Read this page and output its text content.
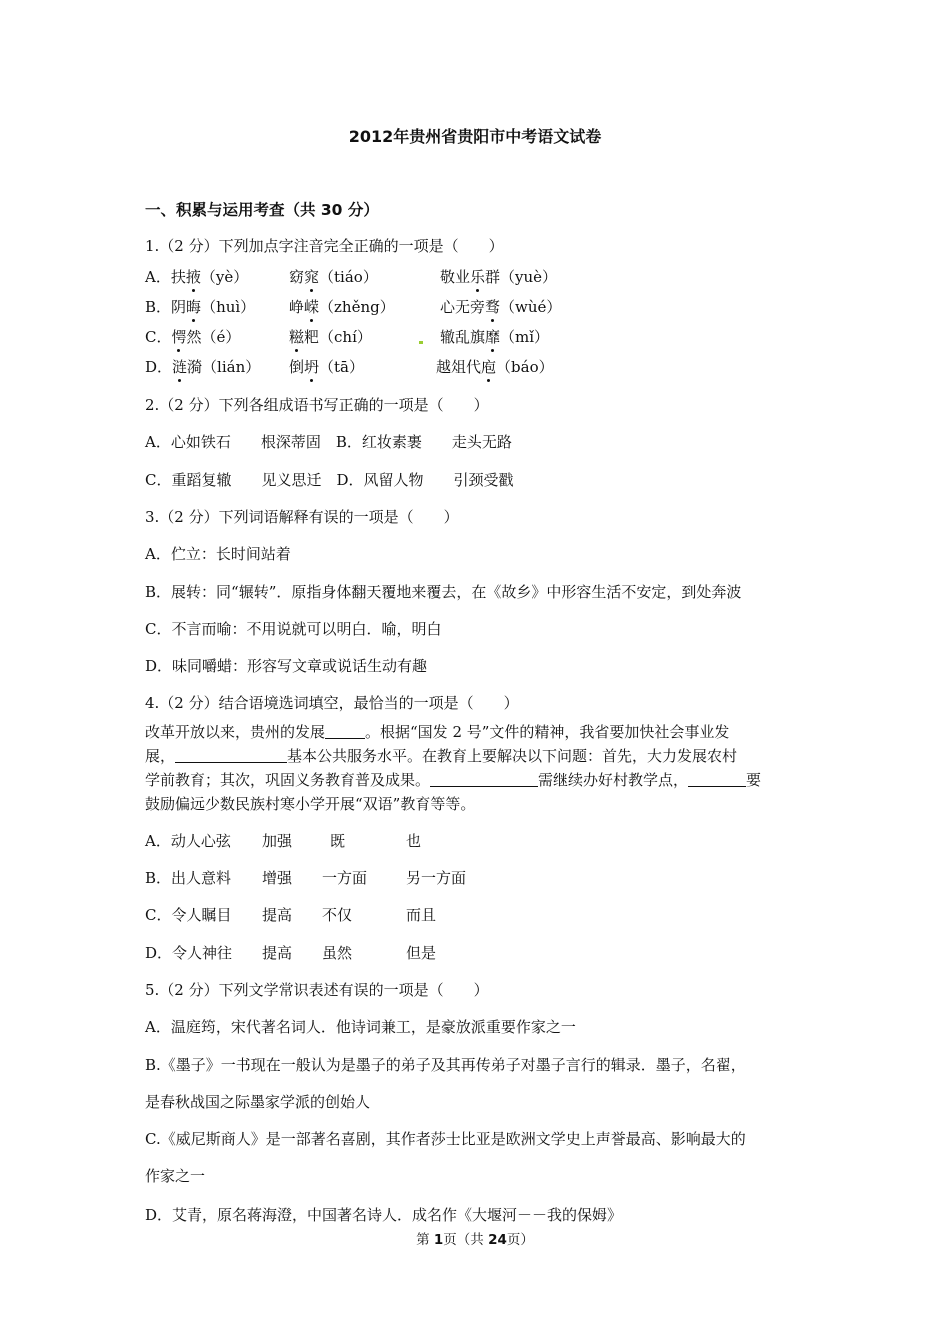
2012年贵州省贵阳市中考语文试卷
一、积累与运用考查（共 30 分）
1.（2 分）下列加点字注音完全正确的一项是（　　）
A．扶掖（yè）	窈窕（tiáo）	敬业乐群（yuè）
B．阴晦（huì） 峥嵘（zhěng）	心无旁骛（wùé）
C．愕然（é）	糍粑（chí）	辙乱旗靡（mǐ）
D．涟漪（lián） 倒坍（tā）	越俎代庖（báo）
2.（2 分）下列各组成语书写正确的一项是（　　）
A．心如铁石　　根深蒂固　B．红妆素裹　　走头无路
C．重蹈复辙　　见义思迁　D．风留人物　　引颈受戳
3.（2 分）下列词语解释有误的一项是（　　）
A．伫立：长时间站着
B．展转：同“辗转”．原指身体翻天覆地来覆去，在《故乡》中形容生活不安定，到处奔波
C．不言而喻：不用说就可以明白．喻，明白
D．味同嚼蜡：形容写文章或说话生动有趣
4.（2 分）结合语境选词填空，最恰当的一项是（　　）
改革开放以来，贵州的发展	。根据“国发 2 号”文件的精神，我省要加快社会事业发
展，	基本公共服务水平。在教育上要解决以下问题：首先，大力发展农村
学前教育；其次，巩固义务教育普及成果。	需继续办好村教学点，	要
鼓励偏远少数民族村寒小学开展“双语”教育等等。
A．动人心弦 加强	既	也
B．出人意料 增强 一方面	另一方面
C．令人瞩目 提高 不仅	而且
D．令人神往 提高 虽然	但是
5.（2 分）下列文学常识表述有误的一项是（　　）
A．温庭筠，宋代著名词人．他诗词兼工，是豪放派重要作家之一
B.《墨子》一书现在一般认为是墨子的弟子及其再传弟子对墨子言行的辑录．墨子，名翟，
是春秋战国之际墨家学派的创始人
C.《威尼斯商人》是一部著名喜剧，其作者莎士比亚是欧洲文学史上声誉最高、影响最大的
作家之一
D．艾青，原名蒋海澄，中国著名诗人．成名作《大堰河－－我的保姆》
第 1页（共 24页）
